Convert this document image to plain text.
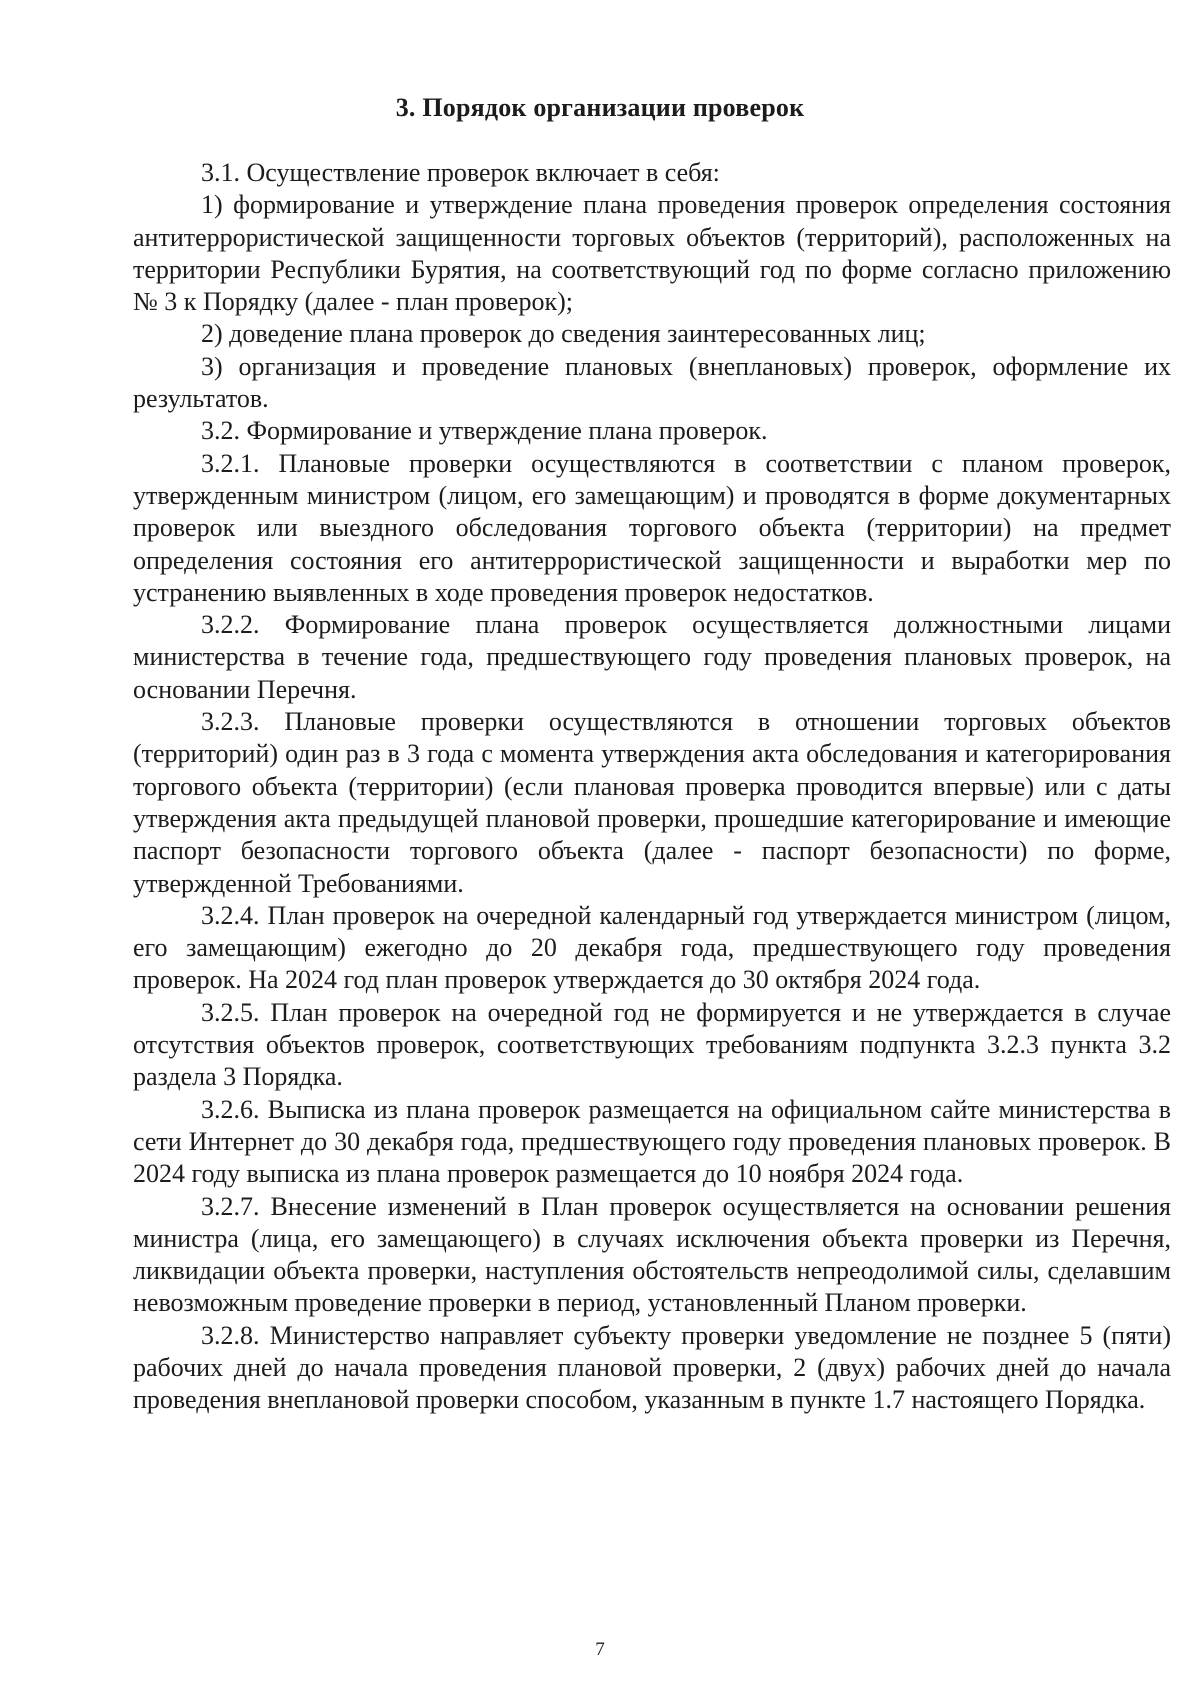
3. Порядок организации проверок

3.1. Осуществление проверок включает в себя:

1) формирование и утверждение плана проведения проверок определения состояния антитеррористической защищенности торговых объектов (территорий), расположенных на территории Республики Бурятия, на соответствующий год по форме согласно приложению № 3 к Порядку (далее - план проверок);

2) доведение плана проверок до сведения заинтересованных лиц;

3) организация и проведение плановых (внеплановых) проверок, оформление их результатов.

3.2. Формирование и утверждение плана проверок.

3.2.1. Плановые проверки осуществляются в соответствии с планом проверок, утвержденным министром (лицом, его замещающим) и проводятся в форме документарных проверок или выездного обследования торгового объекта (территории) на предмет определения состояния его антитеррористической защищенности и выработки мер по устранению выявленных в ходе проведения проверок недостатков.

3.2.2. Формирование плана проверок осуществляется должностными лицами министерства в течение года, предшествующего году проведения плановых проверок, на основании Перечня.

3.2.3. Плановые проверки осуществляются в отношении торговых объектов (территорий) один раз в 3 года с момента утверждения акта обследования и категорирования торгового объекта (территории) (если плановая проверка проводится впервые) или с даты утверждения акта предыдущей плановой проверки, прошедшие категорирование и имеющие паспорт безопасности торгового объекта (далее - паспорт безопасности) по форме, утвержденной Требованиями.

3.2.4. План проверок на очередной календарный год утверждается министром (лицом, его замещающим) ежегодно до 20 декабря года, предшествующего году проведения проверок. На 2024 год план проверок утверждается до 30 октября 2024 года.

3.2.5. План проверок на очередной год не формируется и не утверждается в случае отсутствия объектов проверок, соответствующих требованиям подпункта 3.2.3 пункта 3.2 раздела 3 Порядка.

3.2.6. Выписка из плана проверок размещается на официальном сайте министерства в сети Интернет до 30 декабря года, предшествующего году проведения плановых проверок. В 2024 году выписка из плана проверок размещается до 10 ноября 2024 года.

3.2.7. Внесение изменений в План проверок осуществляется на основании решения министра (лица, его замещающего) в случаях исключения объекта проверки из Перечня, ликвидации объекта проверки, наступления обстоятельств непреодолимой силы, сделавшим невозможным проведение проверки в период, установленный Планом проверки.

3.2.8. Министерство направляет субъекту проверки уведомление не позднее 5 (пяти) рабочих дней до начала проведения плановой проверки, 2 (двух) рабочих дней до начала проведения внеплановой проверки способом, указанным в пункте 1.7 настоящего Порядка.

7
